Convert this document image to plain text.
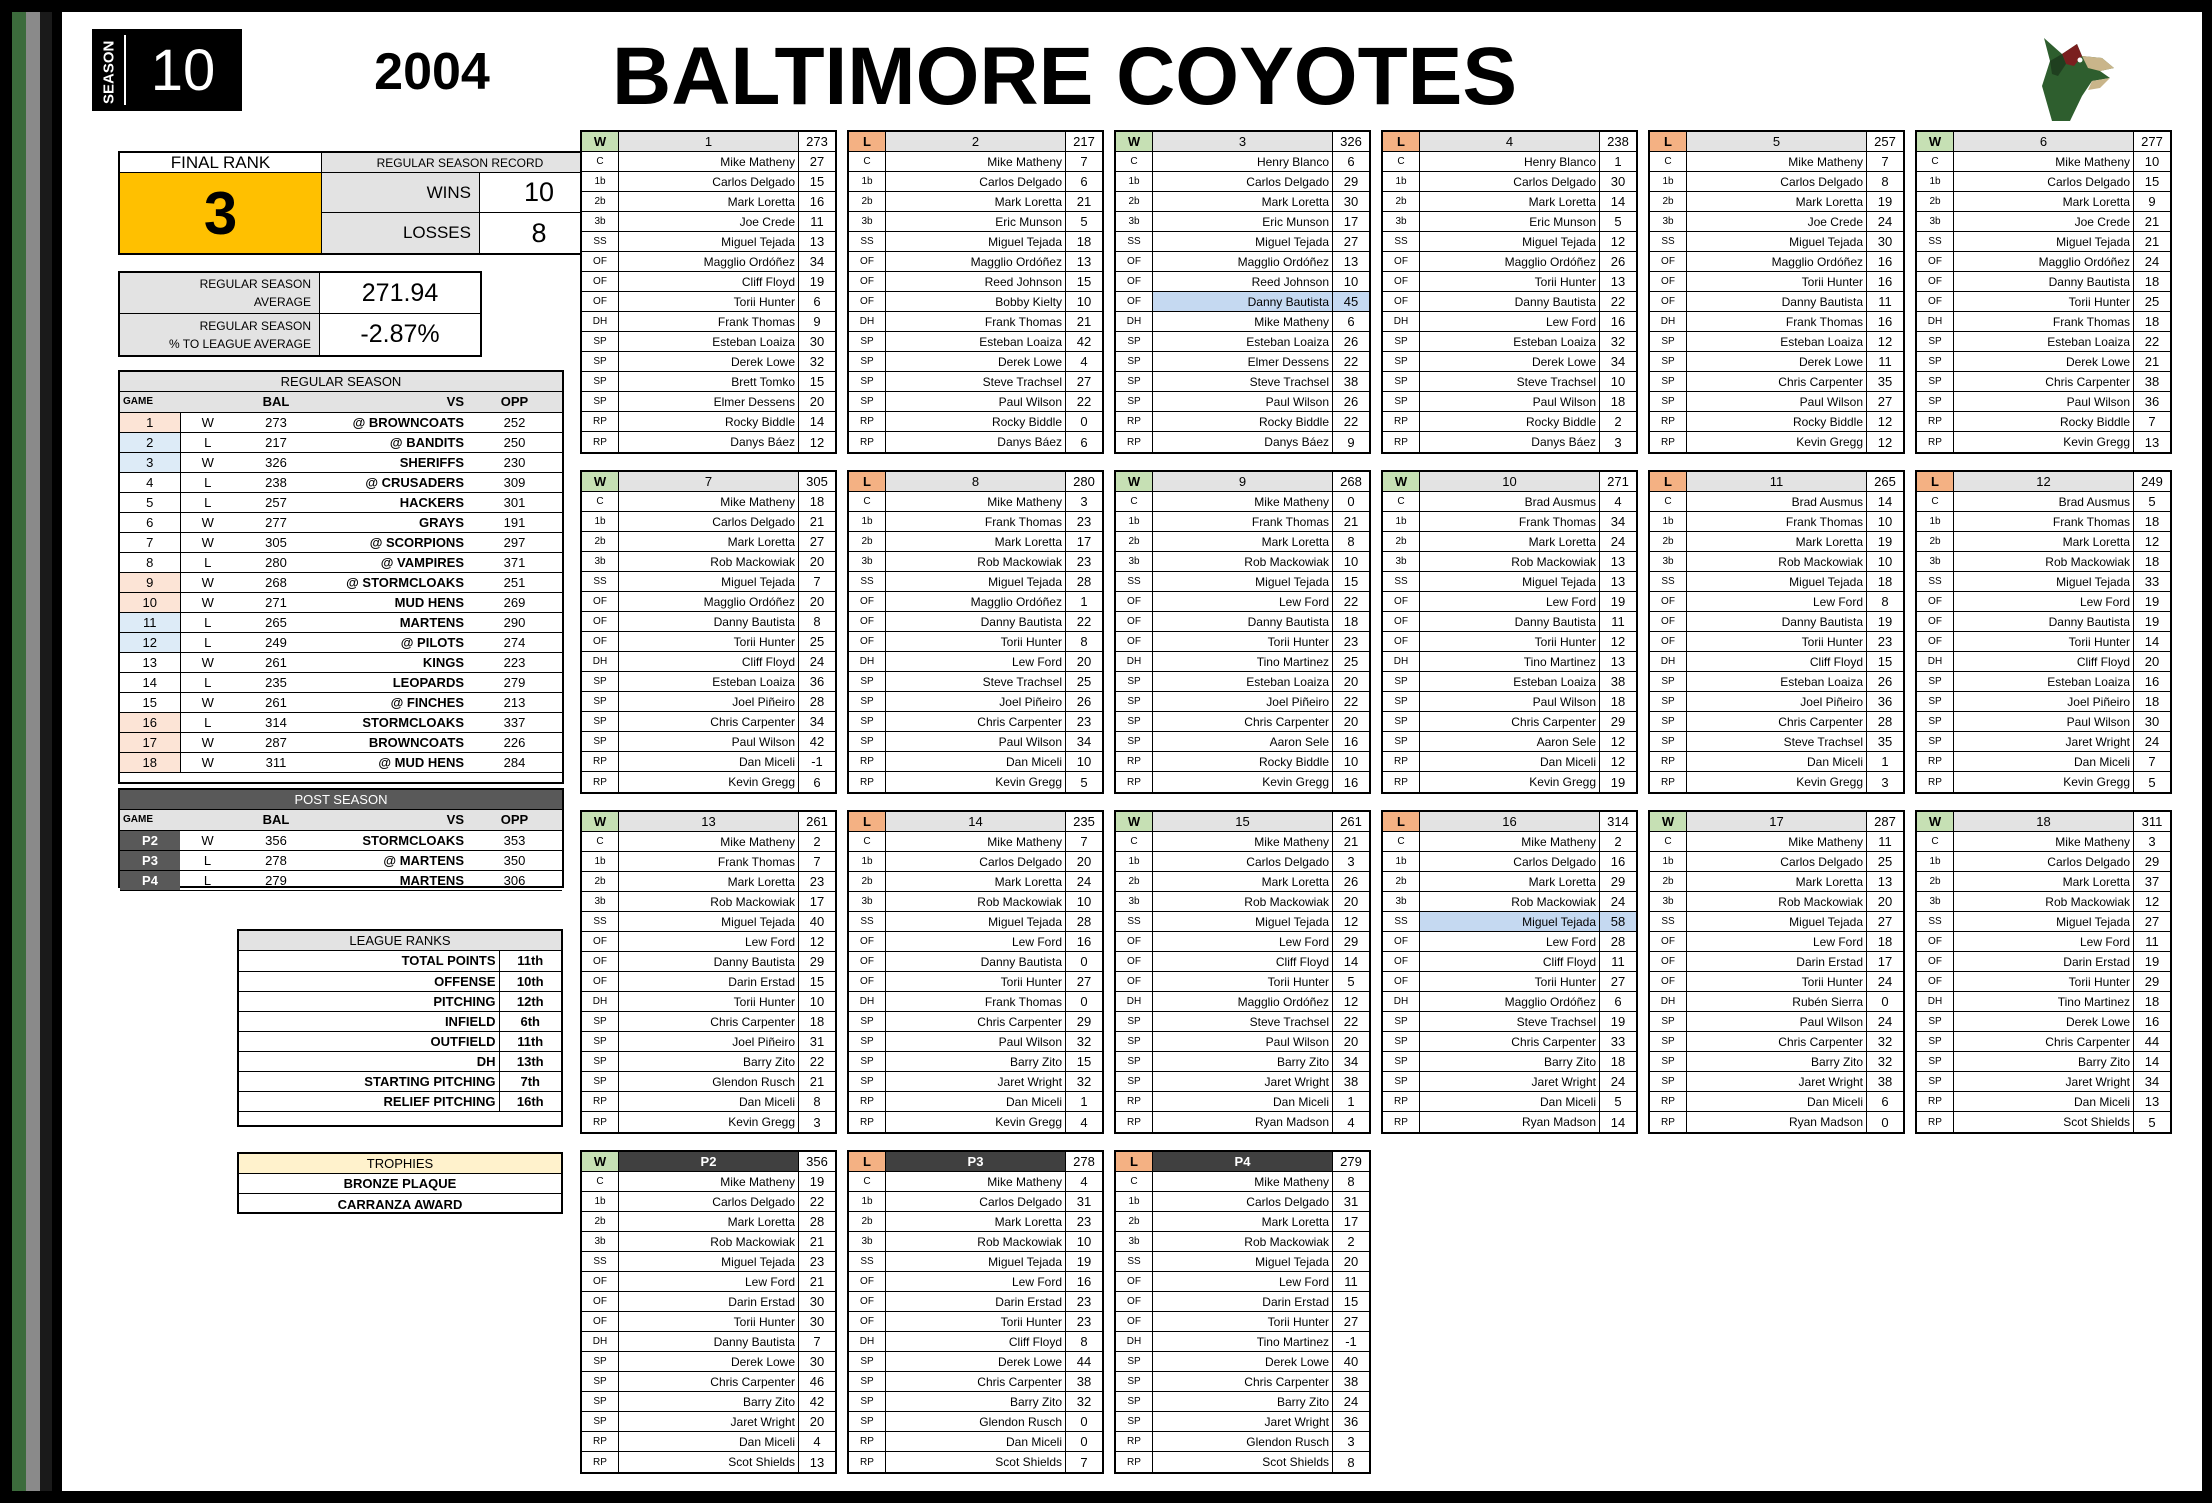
SEASON 10	2004 BALTIMORE COYOTES
FINAL RANK
3
REGULAR SEASON RECORD
WINS	10
LOSSES	8
REGULAR SEASON
AVERAGE	271.94
REGULAR SEASON
% TO LEAGUE AVERAGE	-2.87%
REGULAR SEASON
GAME		BAL	VS	OPP
1	W	273	@ BROWNCOATS	252
2	L	217	@ BANDITS	250
3	W	326	SHERIFFS	230
4	L	238	@ CRUSADERS	309
5	L	257	HACKERS	301
6	W	277	GRAYS	191
7	W	305	@ SCORPIONS	297
8	L	280	@ VAMPIRES	371
9	W	268	@ STORMCLOAKS	251
10	W	271	MUD HENS	269
11	L	265	MARTENS	290
12	L	249	@ PILOTS	274
13	W	261	KINGS	223
14	L	235	LEOPARDS	279
15	W	261	@ FINCHES	213
16	L	314	STORMCLOAKS	337
17	W	287	BROWNCOATS	226
18	W	311	@ MUD HENS	284
POST SEASON
GAME		BAL	VS	OPP
P2	W	356	STORMCLOAKS	353
P3	L	278	@ MARTENS	350
P4	L	279	MARTENS	306
LEAGUE RANKS
TOTAL POINTS	11th
OFFENSE	10th
PITCHING	12th
INFIELD	6th
OUTFIELD	11th
DH	13th
STARTING PITCHING	7th
RELIEF PITCHING	16th
TROPHIES
BRONZE PLAQUE
CARRANZA AWARD
W	1	273
C	Mike Matheny	27
1b	Carlos Delgado	15
2b	Mark Loretta	16
3b	Joe Crede	11
SS	Miguel Tejada	13
OF	Magglio Ordóñez	34
OF	Cliff Floyd	19
OF	Torii Hunter	6
DH	Frank Thomas	9
SP	Esteban Loaiza	30
SP	Derek Lowe	32
SP	Brett Tomko	15
SP	Elmer Dessens	20
RP	Rocky Biddle	14
RP	Danys Báez	12
L	2	217
C	Mike Matheny	7
1b	Carlos Delgado	6
2b	Mark Loretta	21
3b	Eric Munson	5
SS	Miguel Tejada	18
OF	Magglio Ordóñez	13
OF	Reed Johnson	15
OF	Bobby Kielty	10
DH	Frank Thomas	21
SP	Esteban Loaiza	42
SP	Derek Lowe	4
SP	Steve Trachsel	27
SP	Paul Wilson	22
RP	Rocky Biddle	0
RP	Danys Báez	6
W	3	326
C	Henry Blanco	6
1b	Carlos Delgado	29
2b	Mark Loretta	30
3b	Eric Munson	17
SS	Miguel Tejada	27
OF	Magglio Ordóñez	13
OF	Reed Johnson	10
OF	Danny Bautista	45
DH	Mike Matheny	6
SP	Esteban Loaiza	26
SP	Elmer Dessens	22
SP	Steve Trachsel	38
SP	Paul Wilson	26
RP	Rocky Biddle	22
RP	Danys Báez	9
L	4	238
C	Henry Blanco	1
1b	Carlos Delgado	30
2b	Mark Loretta	14
3b	Eric Munson	5
SS	Miguel Tejada	12
OF	Magglio Ordóñez	26
OF	Torii Hunter	13
OF	Danny Bautista	22
DH	Lew Ford	16
SP	Esteban Loaiza	32
SP	Derek Lowe	34
SP	Steve Trachsel	10
SP	Paul Wilson	18
RP	Rocky Biddle	2
RP	Danys Báez	3
L	5	257
C	Mike Matheny	7
1b	Carlos Delgado	8
2b	Mark Loretta	19
3b	Joe Crede	24
SS	Miguel Tejada	30
OF	Magglio Ordóñez	16
OF	Torii Hunter	16
OF	Danny Bautista	11
DH	Frank Thomas	16
SP	Esteban Loaiza	12
SP	Derek Lowe	11
SP	Chris Carpenter	35
SP	Paul Wilson	27
RP	Rocky Biddle	12
RP	Kevin Gregg	12
W	6	277
C	Mike Matheny	10
1b	Carlos Delgado	15
2b	Mark Loretta	9
3b	Joe Crede	21
SS	Miguel Tejada	21
OF	Magglio Ordóñez	24
OF	Danny Bautista	18
OF	Torii Hunter	25
DH	Frank Thomas	18
SP	Esteban Loaiza	22
SP	Derek Lowe	21
SP	Chris Carpenter	38
SP	Paul Wilson	36
RP	Rocky Biddle	7
RP	Kevin Gregg	13
W	7	305
C	Mike Matheny	18
1b	Carlos Delgado	21
2b	Mark Loretta	27
3b	Rob Mackowiak	20
SS	Miguel Tejada	7
OF	Magglio Ordóñez	20
OF	Danny Bautista	8
OF	Torii Hunter	25
DH	Cliff Floyd	24
SP	Esteban Loaiza	36
SP	Joel Piñeiro	28
SP	Chris Carpenter	34
SP	Paul Wilson	42
RP	Dan Miceli	-1
RP	Kevin Gregg	6
L	8	280
C	Mike Matheny	3
1b	Frank Thomas	23
2b	Mark Loretta	17
3b	Rob Mackowiak	23
SS	Miguel Tejada	28
OF	Magglio Ordóñez	1
OF	Danny Bautista	22
OF	Torii Hunter	8
DH	Lew Ford	20
SP	Steve Trachsel	25
SP	Joel Piñeiro	26
SP	Chris Carpenter	23
SP	Paul Wilson	34
RP	Dan Miceli	10
RP	Kevin Gregg	5
W	9	268
C	Mike Matheny	0
1b	Frank Thomas	21
2b	Mark Loretta	8
3b	Rob Mackowiak	10
SS	Miguel Tejada	15
OF	Lew Ford	22
OF	Danny Bautista	18
OF	Torii Hunter	23
DH	Tino Martinez	25
SP	Esteban Loaiza	20
SP	Joel Piñeiro	22
SP	Chris Carpenter	20
SP	Aaron Sele	16
RP	Rocky Biddle	10
RP	Kevin Gregg	16
W	10	271
C	Brad Ausmus	4
1b	Frank Thomas	34
2b	Mark Loretta	24
3b	Rob Mackowiak	13
SS	Miguel Tejada	13
OF	Lew Ford	19
OF	Danny Bautista	11
OF	Torii Hunter	12
DH	Tino Martinez	13
SP	Esteban Loaiza	38
SP	Paul Wilson	18
SP	Chris Carpenter	29
SP	Aaron Sele	12
RP	Dan Miceli	12
RP	Kevin Gregg	19
L	11	265
C	Brad Ausmus	14
1b	Frank Thomas	10
2b	Mark Loretta	19
3b	Rob Mackowiak	10
SS	Miguel Tejada	18
OF	Lew Ford	8
OF	Danny Bautista	19
OF	Torii Hunter	23
DH	Cliff Floyd	15
SP	Esteban Loaiza	26
SP	Joel Piñeiro	36
SP	Chris Carpenter	28
SP	Steve Trachsel	35
RP	Dan Miceli	1
RP	Kevin Gregg	3
L	12	249
C	Brad Ausmus	5
1b	Frank Thomas	18
2b	Mark Loretta	12
3b	Rob Mackowiak	18
SS	Miguel Tejada	33
OF	Lew Ford	19
OF	Danny Bautista	19
OF	Torii Hunter	14
DH	Cliff Floyd	20
SP	Esteban Loaiza	16
SP	Joel Piñeiro	18
SP	Paul Wilson	30
SP	Jaret Wright	24
RP	Dan Miceli	7
RP	Kevin Gregg	5
W	13	261
C	Mike Matheny	2
1b	Frank Thomas	7
2b	Mark Loretta	23
3b	Rob Mackowiak	17
SS	Miguel Tejada	40
OF	Lew Ford	12
OF	Danny Bautista	29
OF	Darin Erstad	15
DH	Torii Hunter	10
SP	Chris Carpenter	18
SP	Joel Piñeiro	31
SP	Barry Zito	22
SP	Glendon Rusch	21
RP	Dan Miceli	8
RP	Kevin Gregg	3
L	14	235
C	Mike Matheny	7
1b	Carlos Delgado	20
2b	Mark Loretta	24
3b	Rob Mackowiak	10
SS	Miguel Tejada	28
OF	Lew Ford	16
OF	Danny Bautista	0
OF	Torii Hunter	27
DH	Frank Thomas	0
SP	Chris Carpenter	29
SP	Paul Wilson	32
SP	Barry Zito	15
SP	Jaret Wright	32
RP	Dan Miceli	1
RP	Kevin Gregg	4
W	15	261
C	Mike Matheny	21
1b	Carlos Delgado	3
2b	Mark Loretta	26
3b	Rob Mackowiak	20
SS	Miguel Tejada	12
OF	Lew Ford	29
OF	Cliff Floyd	14
OF	Torii Hunter	5
DH	Magglio Ordóñez	12
SP	Steve Trachsel	22
SP	Paul Wilson	20
SP	Barry Zito	34
SP	Jaret Wright	38
RP	Dan Miceli	1
RP	Ryan Madson	4
L	16	314
C	Mike Matheny	2
1b	Carlos Delgado	16
2b	Mark Loretta	29
3b	Rob Mackowiak	24
SS	Miguel Tejada	58
OF	Lew Ford	28
OF	Cliff Floyd	11
OF	Torii Hunter	27
DH	Magglio Ordóñez	6
SP	Steve Trachsel	19
SP	Chris Carpenter	33
SP	Barry Zito	18
SP	Jaret Wright	24
RP	Dan Miceli	5
RP	Ryan Madson	14
W	17	287
C	Mike Matheny	11
1b	Carlos Delgado	25
2b	Mark Loretta	13
3b	Rob Mackowiak	20
SS	Miguel Tejada	27
OF	Lew Ford	18
OF	Darin Erstad	17
OF	Torii Hunter	24
DH	Rubén Sierra	0
SP	Paul Wilson	24
SP	Chris Carpenter	32
SP	Barry Zito	32
SP	Jaret Wright	38
RP	Dan Miceli	6
RP	Ryan Madson	0
W	18	311
C	Mike Matheny	3
1b	Carlos Delgado	29
2b	Mark Loretta	37
3b	Rob Mackowiak	12
SS	Miguel Tejada	27
OF	Lew Ford	11
OF	Darin Erstad	19
OF	Torii Hunter	29
DH	Tino Martinez	18
SP	Derek Lowe	16
SP	Chris Carpenter	44
SP	Barry Zito	14
SP	Jaret Wright	34
RP	Dan Miceli	13
RP	Scot Shields	5
W	P2	356
C	Mike Matheny	19
1b	Carlos Delgado	22
2b	Mark Loretta	28
3b	Rob Mackowiak	21
SS	Miguel Tejada	23
OF	Lew Ford	21
OF	Darin Erstad	30
OF	Torii Hunter	30
DH	Danny Bautista	7
SP	Derek Lowe	30
SP	Chris Carpenter	46
SP	Barry Zito	42
SP	Jaret Wright	20
RP	Dan Miceli	4
RP	Scot Shields	13
L	P3	278
C	Mike Matheny	4
1b	Carlos Delgado	31
2b	Mark Loretta	23
3b	Rob Mackowiak	10
SS	Miguel Tejada	19
OF	Lew Ford	16
OF	Darin Erstad	23
OF	Torii Hunter	23
DH	Cliff Floyd	8
SP	Derek Lowe	44
SP	Chris Carpenter	38
SP	Barry Zito	32
SP	Glendon Rusch	0
RP	Dan Miceli	0
RP	Scot Shields	7
L	P4	279
C	Mike Matheny	8
1b	Carlos Delgado	31
2b	Mark Loretta	17
3b	Rob Mackowiak	2
SS	Miguel Tejada	20
OF	Lew Ford	11
OF	Darin Erstad	15
OF	Torii Hunter	27
DH	Tino Martinez	-1
SP	Derek Lowe	40
SP	Chris Carpenter	38
SP	Barry Zito	24
SP	Jaret Wright	36
RP	Glendon Rusch	3
RP	Scot Shields	8
